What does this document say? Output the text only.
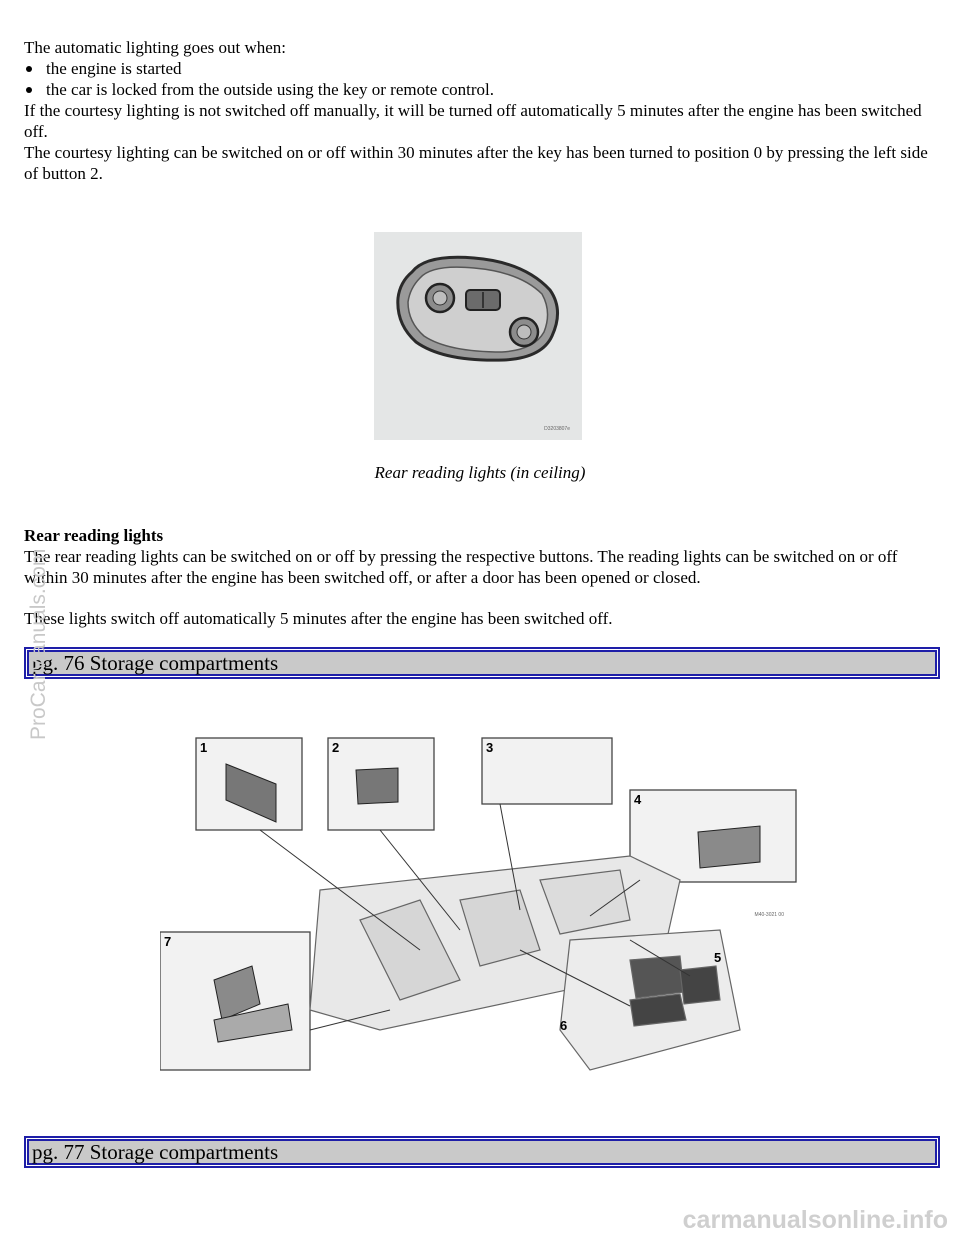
The automatic lighting goes out when:

the engine is started
the car is locked from the outside using the key or remote control.

If the courtesy lighting is not switched off manually, it will be turned off automatically 5 minutes after the engine has been switched off.

The courtesy lighting can be switched on or off within 30 minutes after the key has been turned to position 0 by pressing the left side of button 2.

D3203807e

Rear reading lights (in ceiling)

Rear reading lights

The rear reading lights can be switched on or off by pressing the respective buttons. The reading lights can be switched on or off within 30 minutes after the engine has been switched off, or after a door has been opened or closed.

These lights switch off automatically 5 minutes after the engine has been switched off.

pg. 76 Storage compartments
1	2	3
4
5
6
7
M40-3021 00
pg. 77 Storage compartments
ProCarManuals.com
carmanualsonline.info
